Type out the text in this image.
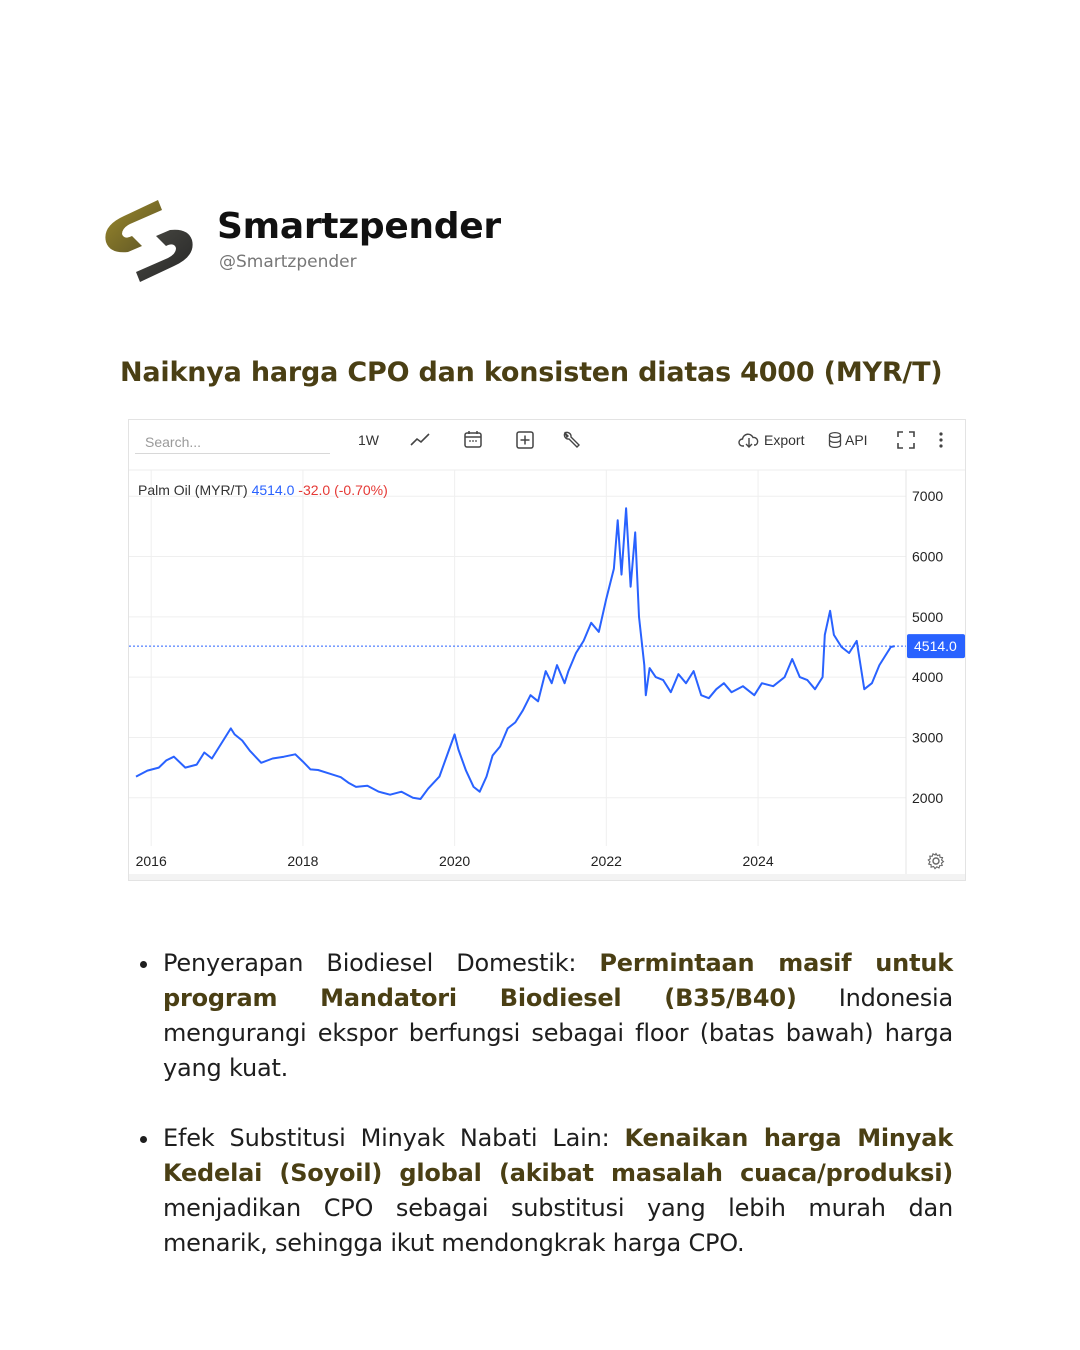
Smartzpender
@Smartzpender
Naiknya harga CPO dan konsisten diatas 4000 (MYR/T)
2000
3000
4000
5000
6000
7000
2016	2018	2020	2022	2024
4514.0
Search...	1W	Export	API
Palm Oil (MYR/T) 4514.0 -32.0 (-0.70%)
Penyerapan Biodiesel Domestik: Permintaan masif untuk program Mandatori Biodiesel (B35/B40) Indonesia mengurangi ekspor berfungsi sebagai floor (batas bawah) harga yang kuat.
Efek Substitusi Minyak Nabati Lain: Kenaikan harga Minyak Kedelai (Soyoil) global (akibat masalah cuaca/produksi) menjadikan CPO sebagai substitusi yang lebih murah dan menarik, sehingga ikut mendongkrak harga CPO.
